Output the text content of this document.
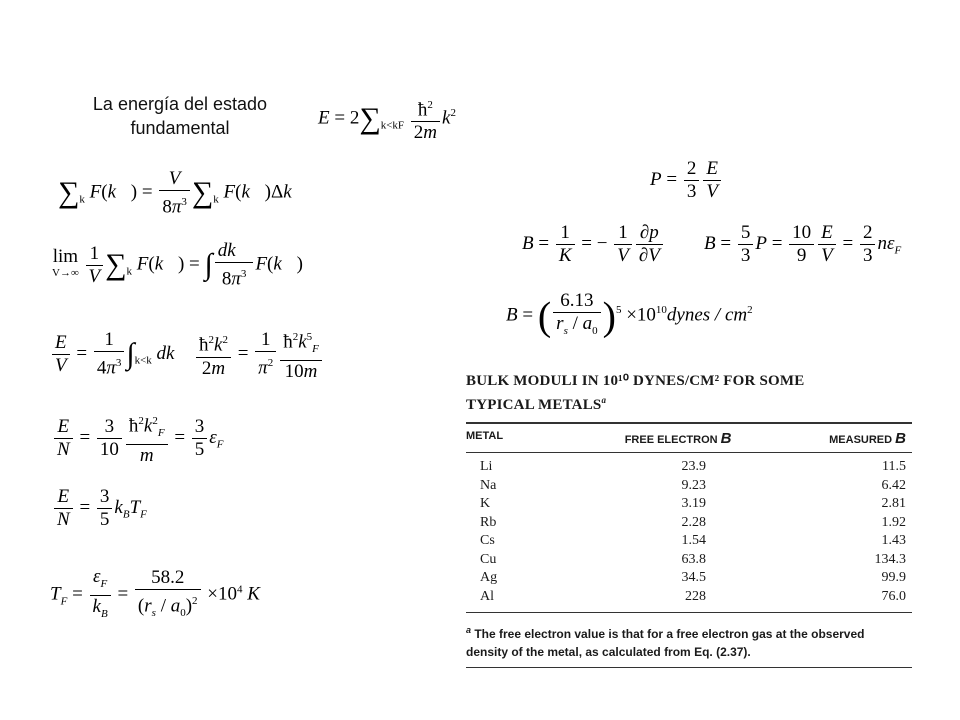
La energía del estado fundamental	$E = 2\sum_{k<kF} \frac{ħ^2}{2m} k^2$
$\sum_k$ F(k⃗) = $\frac{V}{8\pi^3} \sum_k$ F(k⃗)Δk⃗
lim
V→∞
$\frac{1}{V} \sum_k$ F(k⃗) = ∫ $\frac{dk⃗}{8\pi^3}$ F(k⃗)
$\frac{E}{V} = \frac{1}{4\pi^3} \int_{k<k}$ dk⃗ $\frac{ħ^2k^2}{2m} = \frac{1}{\pi^2} \frac{ħ^2k^5_F}{10m}$
$\frac{E}{N} = \frac{3}{10} \frac{ħ^2k^2_F}{m} = \frac{3}{5} \varepsilon_F$
$\frac{E}{N} = \frac{3}{5} k_BT_F$
$T_F = \frac{\varepsilon_F}{k_B} = \frac{58.2}{(r_s / a_0)^2} \times 10^4$ K
$P = \frac{2}{3} \frac{E}{V}$
$B = \frac{1}{K}$ = − $\frac{1}{V} \frac{\partial p}{\partial V}$ $B = \frac{5}{3}$ $P = \frac{10}{9} \frac{E}{V} = \frac{2}{3} n\varepsilon_F$
B = ( $\frac{6.13}{r_s / a_0} )^5$ $\times 10^{10}dynes / cm^2$
BULK MODULI IN 10¹⁰ DYNES/CM² FOR SOME
TYPICAL METALS$^a$
METAL	FREE ELECTRON B	MEASURED B
Li	23.9	11.5
Na	9.23	6.42
K	3.19	2.81
Rb	2.28	1.92
Cs	1.54	1.43
Cu	63.8	134.3
Ag	34.5	99.9
Al	228	76.0
$^a$ The free electron value is that for a free electron gas at the observed
density of the metal, as calculated from Eq. (2.37).
